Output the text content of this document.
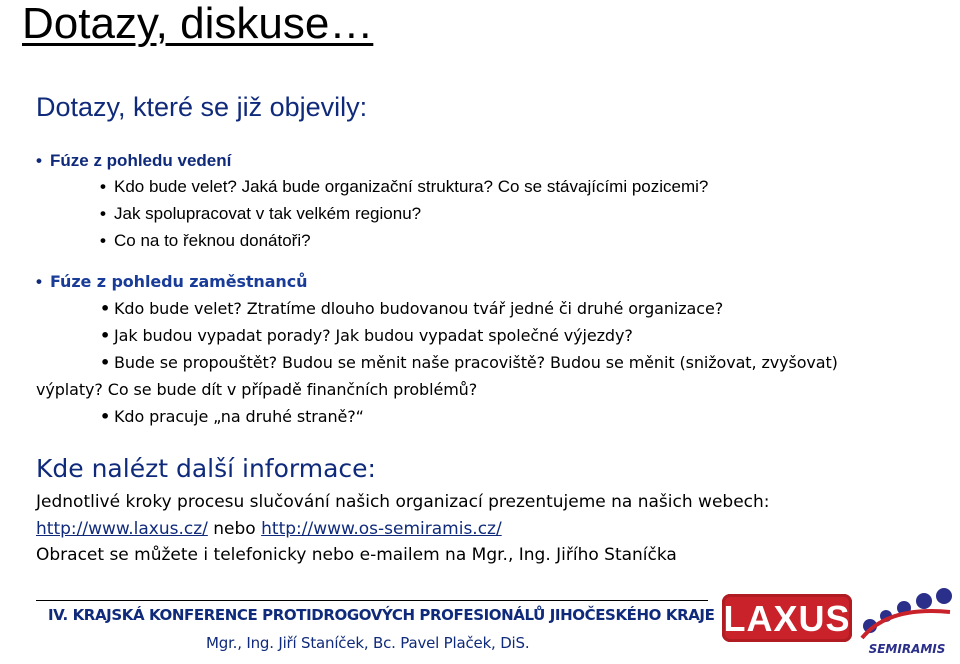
Dotazy, diskuse…
Dotazy, které se již objevily:
• Fúze z pohledu vedení
• Kdo bude velet? Jaká bude organizační struktura? Co se stávajícími pozicemi?
• Jak spolupracovat v tak velkém regionu?
• Co na to řeknou donátoři?
• Fúze z pohledu zaměstnanců
• Kdo bude velet? Ztratíme dlouho budovanou tvář jedné či druhé organizace?
• Jak budou vypadat porady? Jak budou vypadat společné výjezdy?
• Bude se propouštět? Budou se měnit naše pracoviště? Budou se měnit (snižovat, zvyšovat)
výplaty? Co se bude dít v případě finančních problémů?
• Kdo pracuje „na druhé straně?“
Kde nalézt další informace:
Jednotlivé kroky procesu slučování našich organizací prezentujeme na našich webech:
http://www.laxus.cz/ nebo http://www.os-semiramis.cz/
Obracet se můžete i telefonicky nebo e-mailem na Mgr., Ing. Jiřího Staníčka
IV. KRAJSKÁ KONFERENCE PROTIDROGOVÝCH PROFESIONÁLŮ JIHOČESKÉHO KRAJE
Mgr., Ing. Jiří Staníček, Bc. Pavel Plaček, DiS.
LAXUS
SEMIRAMIS
